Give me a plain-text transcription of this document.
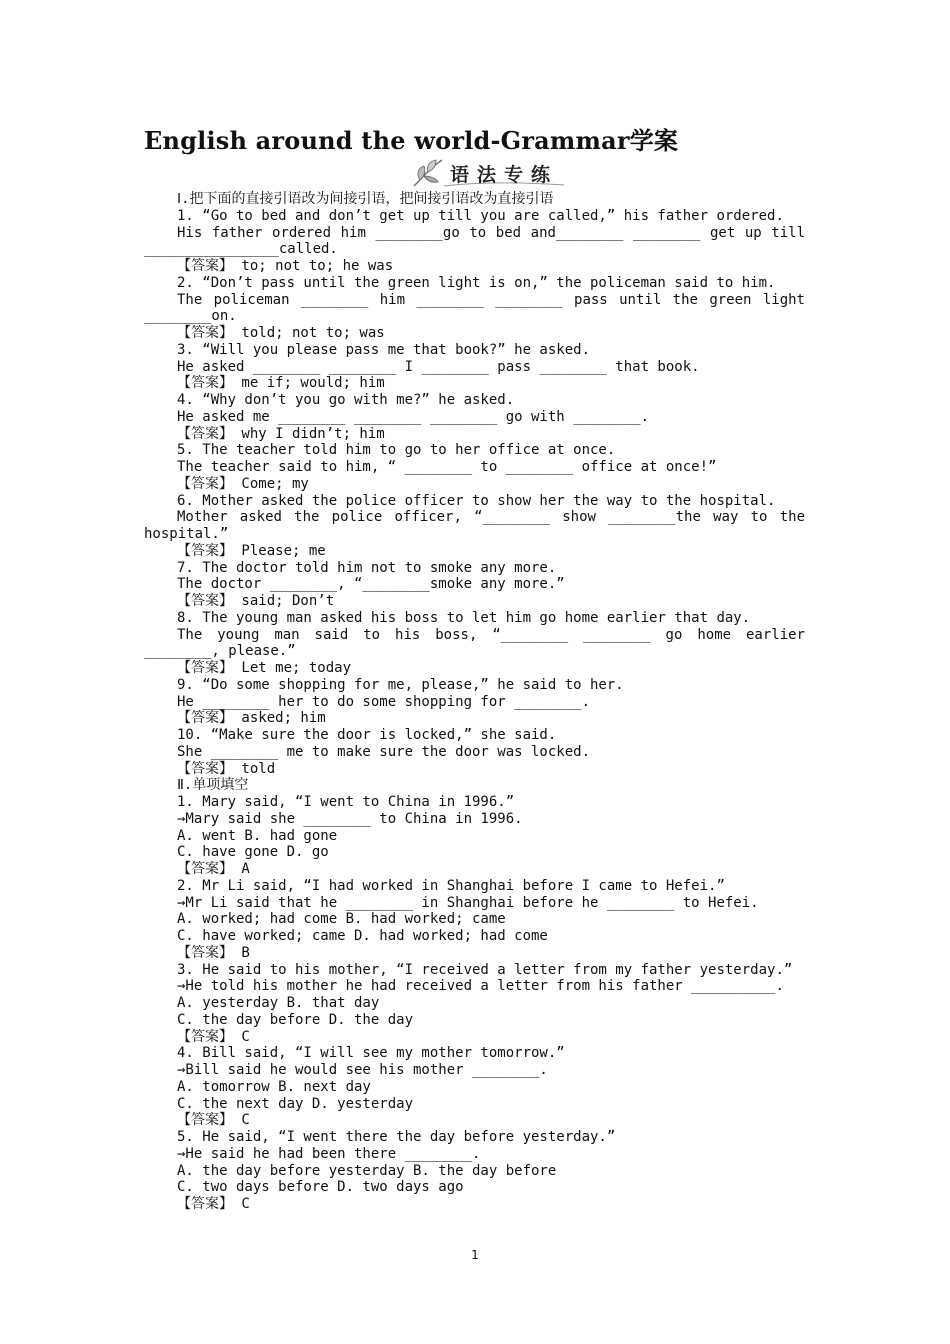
English around the world-Grammar学案
语法专练
Ⅰ.把下面的直接引语改为间接引语，把间接引语改为直接引语
1. “Go to bed and don’t get up till you are called,” his father ordered.
His father ordered him ________go to bed and________ ________ get up till
________________called.
【答案】 to; not to; he was
2. “Don’t pass until the green light is on,” the policeman said to him.
The policeman ________ him ________ ________ pass until the green light
________on.
【答案】 told; not to; was
3. “Will you please pass me that book?” he asked.
He asked ________ ________ I ________ pass ________ that book.
【答案】 me if; would; him
4. “Why don’t you go with me?” he asked.
He asked me ________ ________ ________ go with ________.
【答案】 why I didn’t; him
5. The teacher told him to go to her office at once.
The teacher said to him, “ ________ to ________ office at once!”
【答案】 Come; my
6. Mother asked the police officer to show her the way to the hospital.
Mother asked the police officer, “________ show ________the way to the
hospital.”
【答案】 Please; me
7. The doctor told him not to smoke any more.
The doctor ________, “________smoke any more.”
【答案】 said; Don’t
8. The young man asked his boss to let him go home earlier that day.
The young man said to his boss, “________ ________ go home earlier
________, please.”
【答案】 Let me; today
9. “Do some shopping for me, please,” he said to her.
He ________ her to do some shopping for ________.
【答案】 asked; him
10. “Make sure the door is locked,” she said.
She ________ me to make sure the door was locked.
【答案】 told
Ⅱ.单项填空
1. Mary said, “I went to China in 1996.”
→Mary said she ________ to China in 1996.
A. went B. had gone
C. have gone D. go
【答案】 A
2. Mr Li said, “I had worked in Shanghai before I came to Hefei.”
→Mr Li said that he ________ in Shanghai before he ________ to Hefei.
A. worked; had come B. had worked; came
C. have worked; came D. had worked; had come
【答案】 B
3. He said to his mother, “I received a letter from my father yesterday.”
→He told his mother he had received a letter from his father __________.
A. yesterday B. that day
C. the day before D. the day
【答案】 C
4. Bill said, “I will see my mother tomorrow.”
→Bill said he would see his mother ________.
A. tomorrow B. next day
C. the next day D. yesterday
【答案】 C
5. He said, “I went there the day before yesterday.”
→He said he had been there ________.
A. the day before yesterday B. the day before
C. two days before D. two days ago
【答案】 C
1
